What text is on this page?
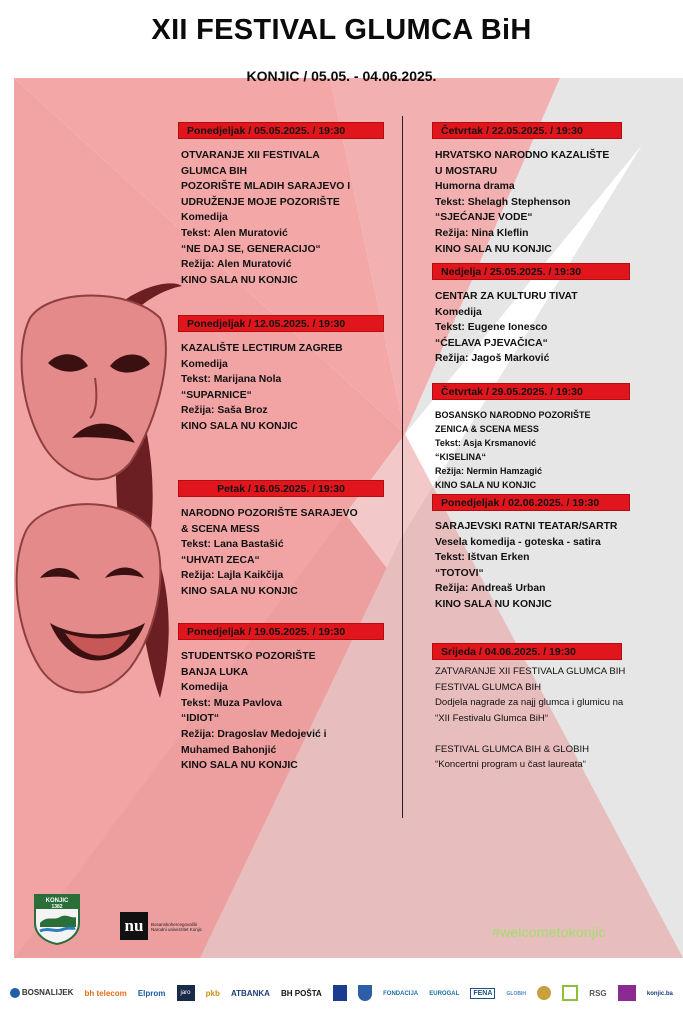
XII FESTIVAL GLUMCA BiH
KONJIC / 05.05. - 04.06.2025.
Ponedjeljak / 05.05.2025. / 19:30
OTVARANJE XII FESTIVALA
GLUMCA BIH
POZORIŠTE MLADIH SARAJEVO I
UDRUŽENJE MOJE POZORIŠTE
Komedija
Tekst: Alen Muratović
“NE DAJ SE, GENERACIJO“
Režija: Alen Muratović
KINO SALA NU KONJIC
Ponedjeljak / 12.05.2025. / 19:30
KAZALIŠTE LECTIRUM ZAGREB
Komedija
Tekst: Marijana Nola
“SUPARNICE“
Režija: Saša Broz
KINO SALA NU KONJIC
Petak / 16.05.2025. / 19:30
NARODNO POZORIŠTE SARAJEVO
& SCENA MESS
Tekst: Lana Bastašić
“UHVATI ZECA“
Režija: Lajla Kaikčija
KINO SALA NU KONJIC
Ponedjeljak / 19.05.2025. / 19:30
STUDENTSKO POZORIŠTE
BANJA LUKA
Komedija
Tekst: Muza Pavlova
“IDIOT“
Režija: Dragoslav Medojević i
Muhamed Bahonjić
KINO SALA NU KONJIC
Četvrtak / 22.05.2025. / 19:30
HRVATSKO NARODNO KAZALIŠTE
U MOSTARU
Humorna drama
Tekst: Shelagh Stephenson
“SJEĆANJE VODE“
Režija: Nina Kleflin
KINO SALA NU KONJIC
Nedjelja / 25.05.2025. / 19:30
CENTAR ZA KULTURU TIVAT
Komedija
Tekst: Eugene Ionesco
“ĆELAVA PJEVAČICA“
Režija: Jagoš Marković
Četvrtak / 29.05.2025. / 19:30
BOSANSKO NARODNO POZORIŠTE
ZENICA & SCENA MESS
Tekst: Asja Krsmanović
“KISELINA“
Režija: Nermin Hamzagić
KINO SALA NU KONJIC
Ponedjeljak / 02.06.2025. / 19:30
SARAJEVSKI RATNI TEATAR/SARTR
Vesela komedija - goteska - satira
Tekst: Ištvan Erken
“TOTOVI“
Režija: Andreaš Urban
KINO SALA NU KONJIC
Srijeda / 04.06.2025. / 19:30
ZATVARANJE XII FESTIVALA GLUMCA BIH
FESTIVAL GLUMCA BIH
Dodjela nagrade za najj glumca i glumicu na
“XII Festivalu Glumca BiH“
FESTIVAL GLUMCA BIH & GLOBIH
“Koncertni program u čast laureata“
KONJIC
1382
nu	Bosanskohercegovački Narodni univerzitet Konjic	#welcometokonjic
BOSNALIJEK bh telecom Elprom	jaro	pkb ATBANKA BH POŠTA	FONDACIJA EUROGAL	FENA	GLOBIH	RSG	konjic.ba
